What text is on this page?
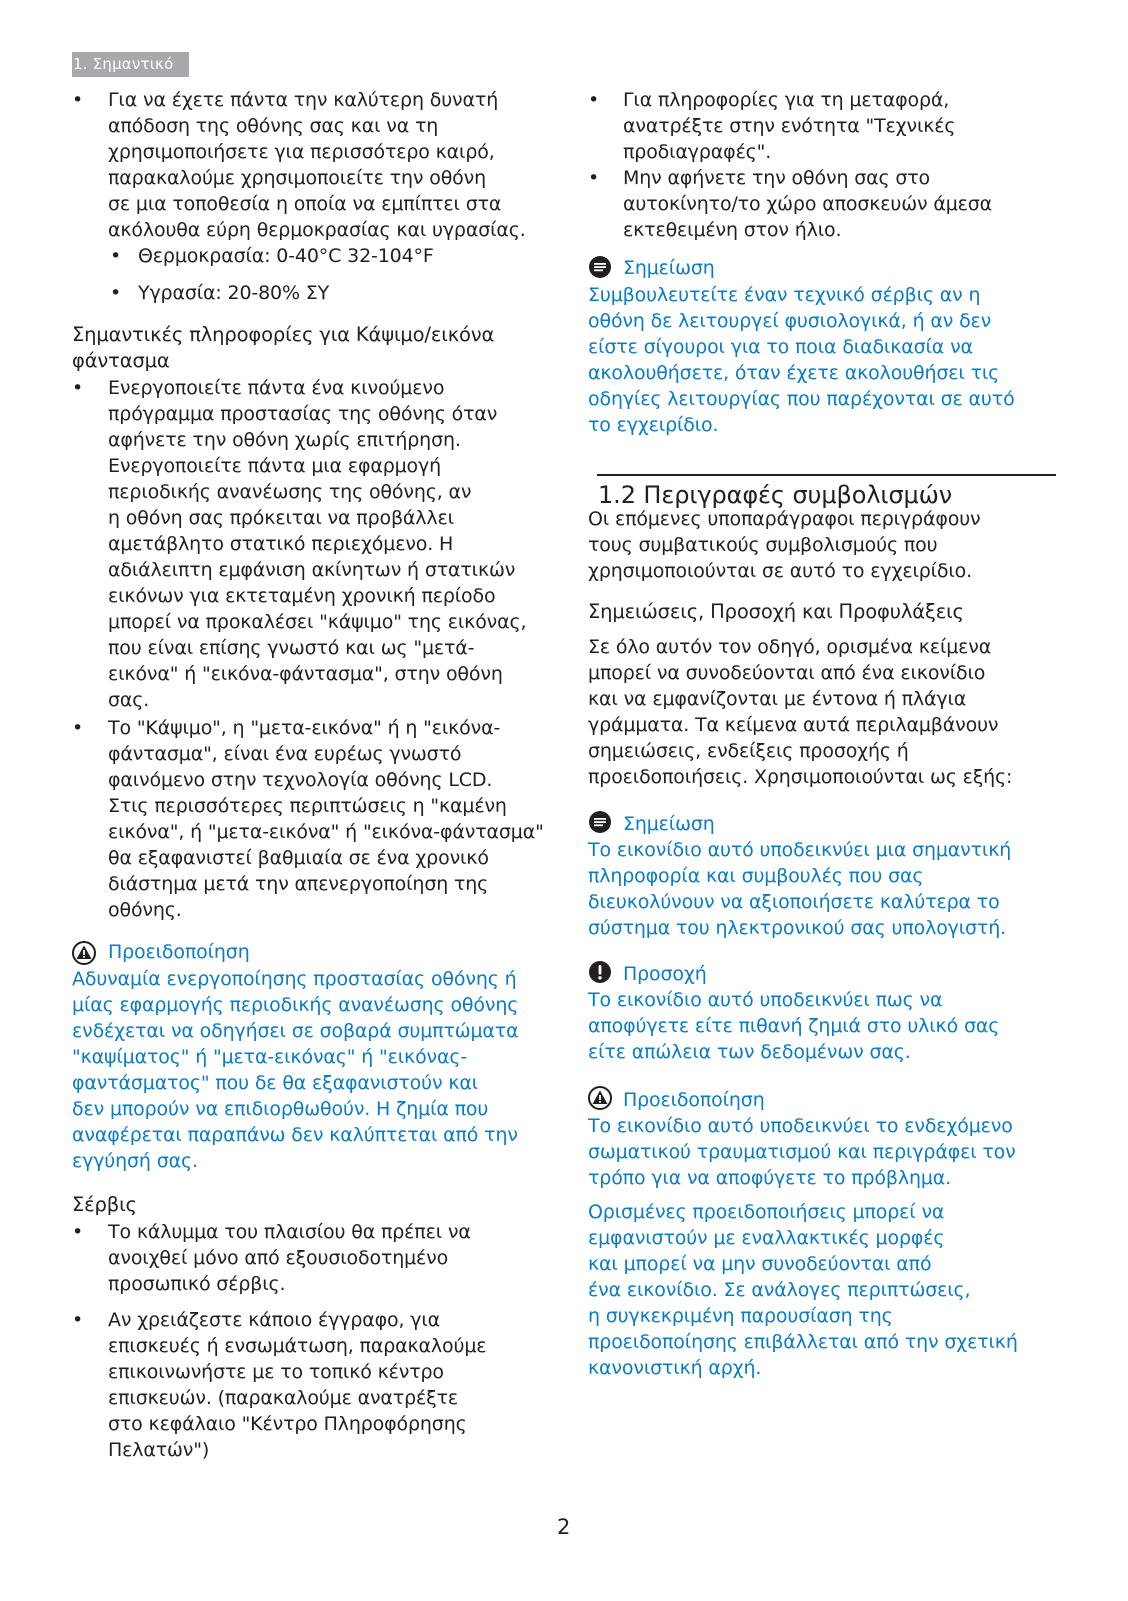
1. Σημαντικό
1.2 Περιγραφές συμβολισμών
2
• Για να έχετε πάντα την καλύτερη δυνατή
απόδοση της οθόνης σας και να τη
χρησιμοποιήσετε για περισσότερο καιρό,
παρακαλούμε χρησιμοποιείτε την οθόνη
σε μια τοποθεσία η οποία να εμπίπτει στα
ακόλουθα εύρη θερμοκρασίας και υγρασίας.
• Θερμοκρασία: 0-40°C 32-104°F
• Υγρασία: 20-80% ΣΥ
Σημαντικές πληροφορίες για Κάψιμο/εικόνα
φάντασμα
• Ενεργοποιείτε πάντα ένα κινούμενο
πρόγραμμα προστασίας της οθόνης όταν
αφήνετε την οθόνη χωρίς επιτήρηση.
Ενεργοποιείτε πάντα μια εφαρμογή
περιοδικής ανανέωσης της οθόνης, αν
η οθόνη σας πρόκειται να προβάλλει
αμετάβλητο στατικό περιεχόμενο. Η
αδιάλειπτη εμφάνιση ακίνητων ή στατικών
εικόνων για εκτεταμένη χρονική περίοδο
μπορεί να προκαλέσει "κάψιμο" της εικόνας,
που είναι επίσης γνωστό και ως "μετά-
εικόνα" ή "εικόνα-φάντασμα", στην οθόνη
σας.
• Το "Κάψιμο", η "μετα-εικόνα" ή η "εικόνα-
φάντασμα", είναι ένα ευρέως γνωστό
φαινόμενο στην τεχνολογία οθόνης LCD.
Στις περισσότερες περιπτώσεις η "καμένη
εικόνα", ή "μετα-εικόνα" ή "εικόνα-φάντασμα"
θα εξαφανιστεί βαθμιαία σε ένα χρονικό
διάστημα μετά την απενεργοποίηση της
οθόνης.
Προειδοποίηση
Αδυναμία ενεργοποίησης προστασίας οθόνης ή
μίας εφαρμογής περιοδικής ανανέωσης οθόνης
ενδέχεται να οδηγήσει σε σοβαρά συμπτώματα
"καψίματος" ή "μετα-εικόνας" ή "εικόνας-
φαντάσματος" που δε θα εξαφανιστούν και
δεν μπορούν να επιδιορθωθούν. Η ζημία που
αναφέρεται παραπάνω δεν καλύπτεται από την
εγγύησή σας.
Σέρβις
• Το κάλυμμα του πλαισίου θα πρέπει να
ανοιχθεί μόνο από εξουσιοδοτημένο
προσωπικό σέρβις.
• Αν χρειάζεστε κάποιο έγγραφο, για
επισκευές ή ενσωμάτωση, παρακαλούμε
επικοινωνήστε με το τοπικό κέντρο
επισκευών. (παρακαλούμε ανατρέξτε
στο κεφάλαιο "Κέντρο Πληροφόρησης
Πελατών")
• Για πληροφορίες για τη μεταφορά,
ανατρέξτε στην ενότητα "Τεχνικές
προδιαγραφές".
• Μην αφήνετε την οθόνη σας στο
αυτοκίνητο/το χώρο αποσκευών άμεσα
εκτεθειμένη στον ήλιο.
Σημείωση
Συμβουλευτείτε έναν τεχνικό σέρβις αν η
οθόνη δε λειτουργεί φυσιολογικά, ή αν δεν
είστε σίγουροι για το ποια διαδικασία να
ακολουθήσετε, όταν έχετε ακολουθήσει τις
οδηγίες λειτουργίας που παρέχονται σε αυτό
το εγχειρίδιο.
Οι επόμενες υποπαράγραφοι περιγράφουν
τους συμβατικούς συμβολισμούς που
χρησιμοποιούνται σε αυτό το εγχειρίδιο.
Σημειώσεις, Προσοχή και Προφυλάξεις
Σε όλο αυτόν τον οδηγό, ορισμένα κείμενα
μπορεί να συνοδεύονται από ένα εικονίδιο
και να εμφανίζονται με έντονα ή πλάγια
γράμματα. Τα κείμενα αυτά περιλαμβάνουν
σημειώσεις, ενδείξεις προσοχής ή
προειδοποιήσεις. Χρησιμοποιούνται ως εξής:
Σημείωση
Το εικονίδιο αυτό υποδεικνύει μια σημαντική
πληροφορία και συμβουλές που σας
διευκολύνουν να αξιοποιήσετε καλύτερα το
σύστημα του ηλεκτρονικού σας υπολογιστή.
Προσοχή
Το εικονίδιο αυτό υποδεικνύει πως να
αποφύγετε είτε πιθανή ζημιά στο υλικό σας
είτε απώλεια των δεδομένων σας.
Προειδοποίηση
Το εικονίδιο αυτό υποδεικνύει το ενδεχόμενο
σωματικού τραυματισμού και περιγράφει τον
τρόπο για να αποφύγετε το πρόβλημα.
Ορισμένες προειδοποιήσεις μπορεί να
εμφανιστούν με εναλλακτικές μορφές
και μπορεί να μην συνοδεύονται από
ένα εικονίδιο. Σε ανάλογες περιπτώσεις,
η συγκεκριμένη παρουσίαση της
προειδοποίησης επιβάλλεται από την σχετική
κανονιστική αρχή.
